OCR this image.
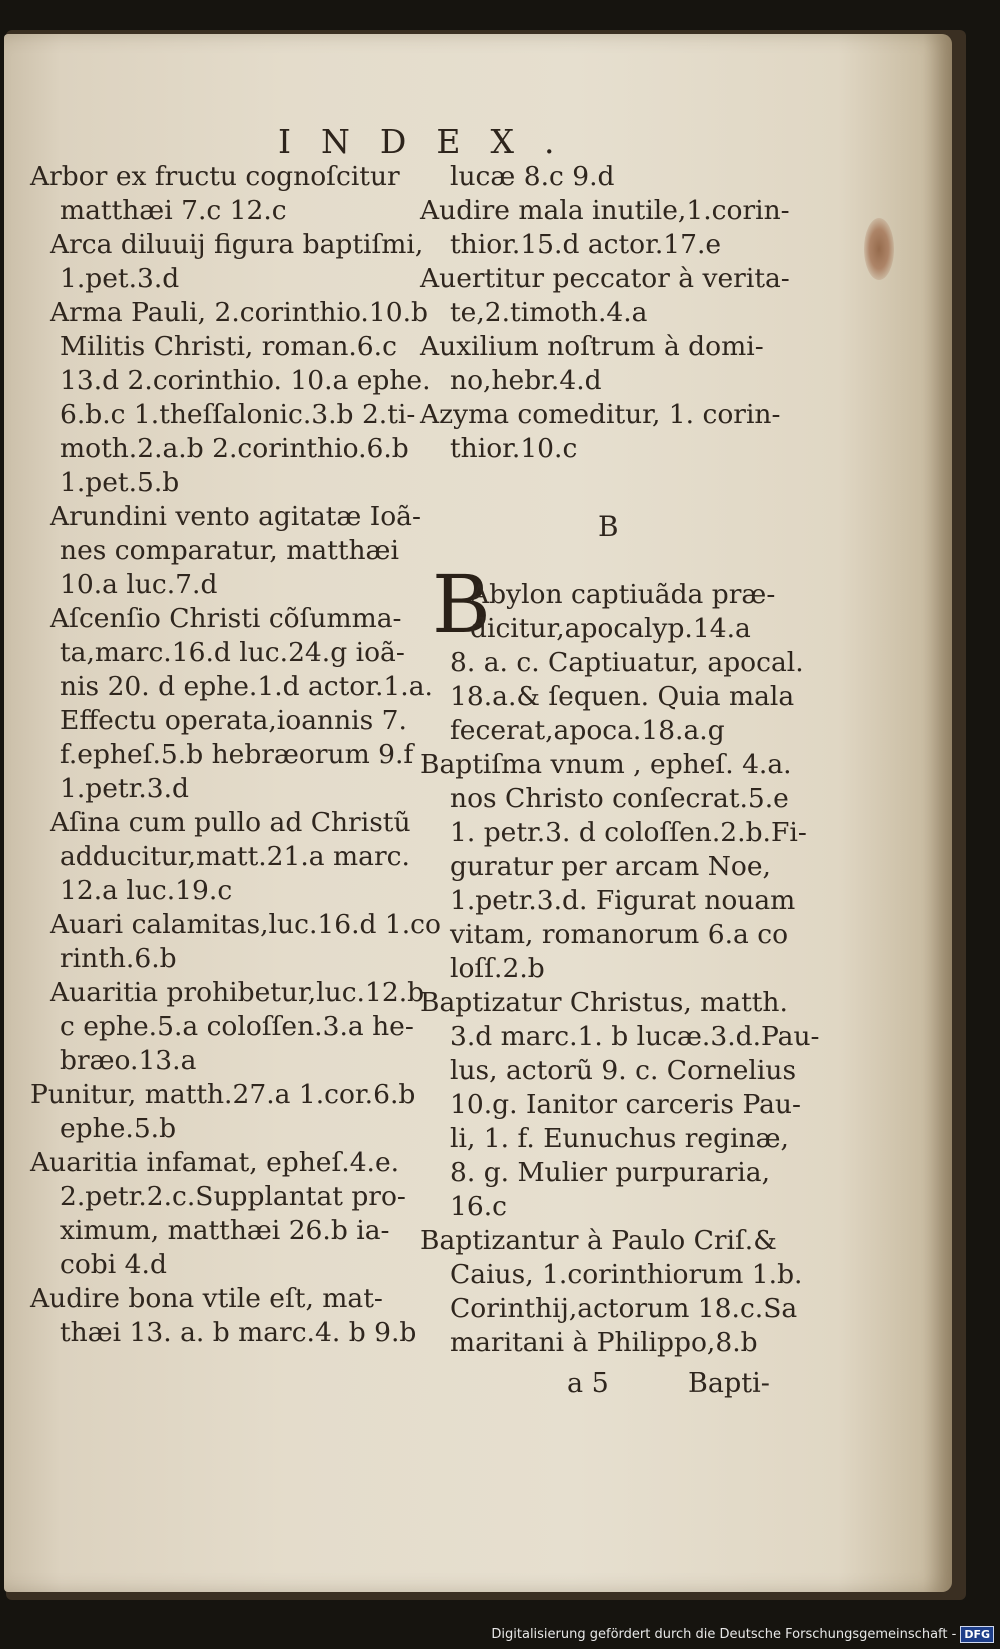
INDEX.
Arbor ex fructu cognoſcitur
matthæi 7.c 12.c
Arca diluuij figura baptiſmi,
1.pet.3.d
Arma Pauli, 2.corinthio.10.b
Militis Christi, roman.6.c
13.d 2.corinthio. 10.a ephe.
6.b.c 1.theſſalonic.3.b 2.ti-
moth.2.a.b 2.corinthio.6.b
1.pet.5.b
Arundini vento agitatæ Ioã-
nes comparatur, matthæi
10.a luc.7.d
Aſcenſio Christi cõſumma-
ta,marc.16.d luc.24.g ioã-
nis 20. d ephe.1.d actor.1.a.
Effectu operata,ioannis 7.
f.epheſ.5.b hebræorum 9.f
1.petr.3.d
Aſina cum pullo ad Christũ
adducitur,matt.21.a marc.
12.a luc.19.c
Auari calamitas,luc.16.d 1.co
rinth.6.b
Auaritia prohibetur,luc.12.b
c ephe.5.a coloſſen.3.a he-
bræo.13.a
Punitur, matth.27.a 1.cor.6.b
ephe.5.b
Auaritia infamat, epheſ.4.e.
2.petr.2.c.Supplantat pro-
ximum, matthæi 26.b ia-
cobi 4.d
Audire bona vtile eſt, mat-
thæi 13. a. b marc.4. b 9.b
lucæ 8.c 9.d
Audire mala inutile,1.corin-
thior.15.d actor.17.e
Auertitur peccator à verita-
te,2.timoth.4.a
Auxilium noſtrum à domi-
no,hebr.4.d
Azyma comeditur, 1. corin-
thior.10.c
B
B
Abylon captiuãda præ-
dicitur,apocalyp.14.a
8. a. c. Captiuatur, apocal.
18.a.& ſequen. Quia mala
fecerat,apoca.18.a.g
Baptiſma vnum , epheſ. 4.a.
nos Christo conſecrat.5.e
1. petr.3. d coloſſen.2.b.Fi-
guratur per arcam Noe,
1.petr.3.d. Figurat nouam
vitam, romanorum 6.a co
loſſ.2.b
Baptizatur Christus, matth.
3.d marc.1. b lucæ.3.d.Pau-
lus, actorũ 9. c. Cornelius
10.g. Ianitor carceris Pau-
li, 1. f. Eunuchus reginæ,
8. g. Mulier purpuraria,
16.c
Baptizantur à Paulo Criſ.&
Caius, 1.corinthiorum 1.b.
Corinthij,actorum 18.c.Sa
maritani à Philippo,8.b
a 5	Bapti-
Digitalisierung gefördert durch die Deutsche Forschungsgemeinschaft - DFG
